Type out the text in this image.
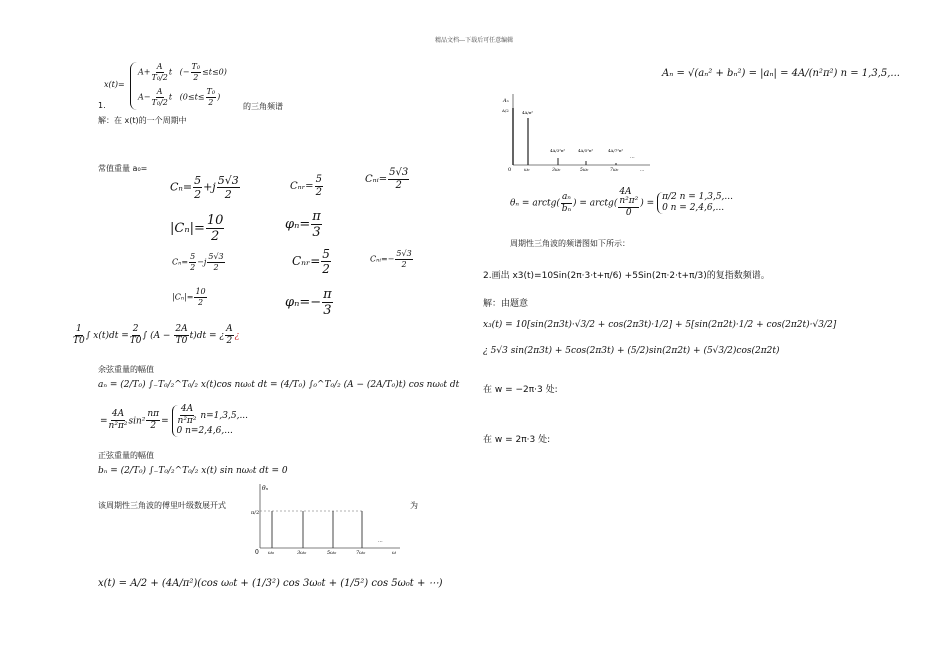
精品文档---下载后可任意编辑
x(t)=
$A+ \frac{A}{\text{T₀/2}}$ t (− $\frac{\text{T₀}}{2} \le t\le 0$)
$A- \frac{A}{\text{T₀/2}}$ t ($0\le t\le \frac{\text{T₀}}{2}$ )
1.	的三角频谱
解：在 x(t)的一个周期中
常值重量 a₀=
$C_n= \frac{5}{2} +j \frac{5√3}{2}$	Cₙᵣ= $\frac{5}{2}$	Cₙᵢ= $\frac{5√3}{2}$
$|C_n|= \frac{10}{2}$	$\varphi_n= \frac{\pi}{3}$
$C_n= \frac{5}{2} -j \frac{5√3}{2}$	Cₙᵣ= $\frac{5}{2}$	Cₙᵢ=− $\frac{5√3}{2}$
$|C_n|= \frac{10}{2}$	$\varphi_n=- \frac{\pi}{3}$
$\frac{1}{T0}$ ∫ $x(t)dt = \frac{2}{T0}$ ∫ $(A - \frac{2A}{T0} t)dt$ = ¿ $\frac{A}{2}$ ¿
余弦重量的幅值
aₙ = (2/T₀) ∫₋T₀/₂^T₀/₂ x(t)cos nω₀t dt = (4/T₀) ∫₀^T₀/₂ (A − (2A/T₀)t) cos nω₀t dt
= $\frac{4A}{\text{n²π²}} \sin^2 \frac{n\pi}{2} = \frac{4A}{\text{n²π²}} n=1,3,5$,...
0 n=2,4,6,...
正弦重量的幅值
bₙ = (2/T₀) ∫₋T₀/₂^T₀/₂ x(t) sin nω₀t dt = 0
该周期性三角波的傅里叶级数展开式	为
θₙ
π/2
0 ω₀	3ω₀	5ω₀	7ω₀
...
ω
x(t) = A/2 + (4A/π²)(cos ω₀t + (1/3²) cos 3ω₀t + (1/5²) cos 5ω₀t + ⋯)
Aₙ = √(aₙ² + bₙ²) = |aₙ| = 4A/(n²π²) n = 1,3,5,...
Aₙ
A/2	4A/π²
4A/3²π²	4A/5²π²	4A/7²π²
...
0	ω₀	3ω₀	5ω₀	7ω₀	...
θₙ = arctg( $\frac{\text{aₙ}}{\text{bₙ}}$ ) = arctg(
4A
n²π²
0
) = π/2 n = 1,3,5,...
0 n = 2,4,6,...
周期性三角波的频谱图如下所示：
2.画出 x3(t)=10Sin(2π·3·t+π/6) +5Sin(2π·2·t+π/3)的复指数频谱。
解：由题意
x₃(t) = 10[sin(2π3t)·√3/2 + cos(2π3t)·1/2] + 5[sin(2π2t)·1/2 + cos(2π2t)·√3/2]
¿ 5√3 sin(2π3t) + 5cos(2π3t) + (5/2)sin(2π2t) + (5√3/2)cos(2π2t)
在 w = −2π·3 处:
在 w = 2π·3 处:
